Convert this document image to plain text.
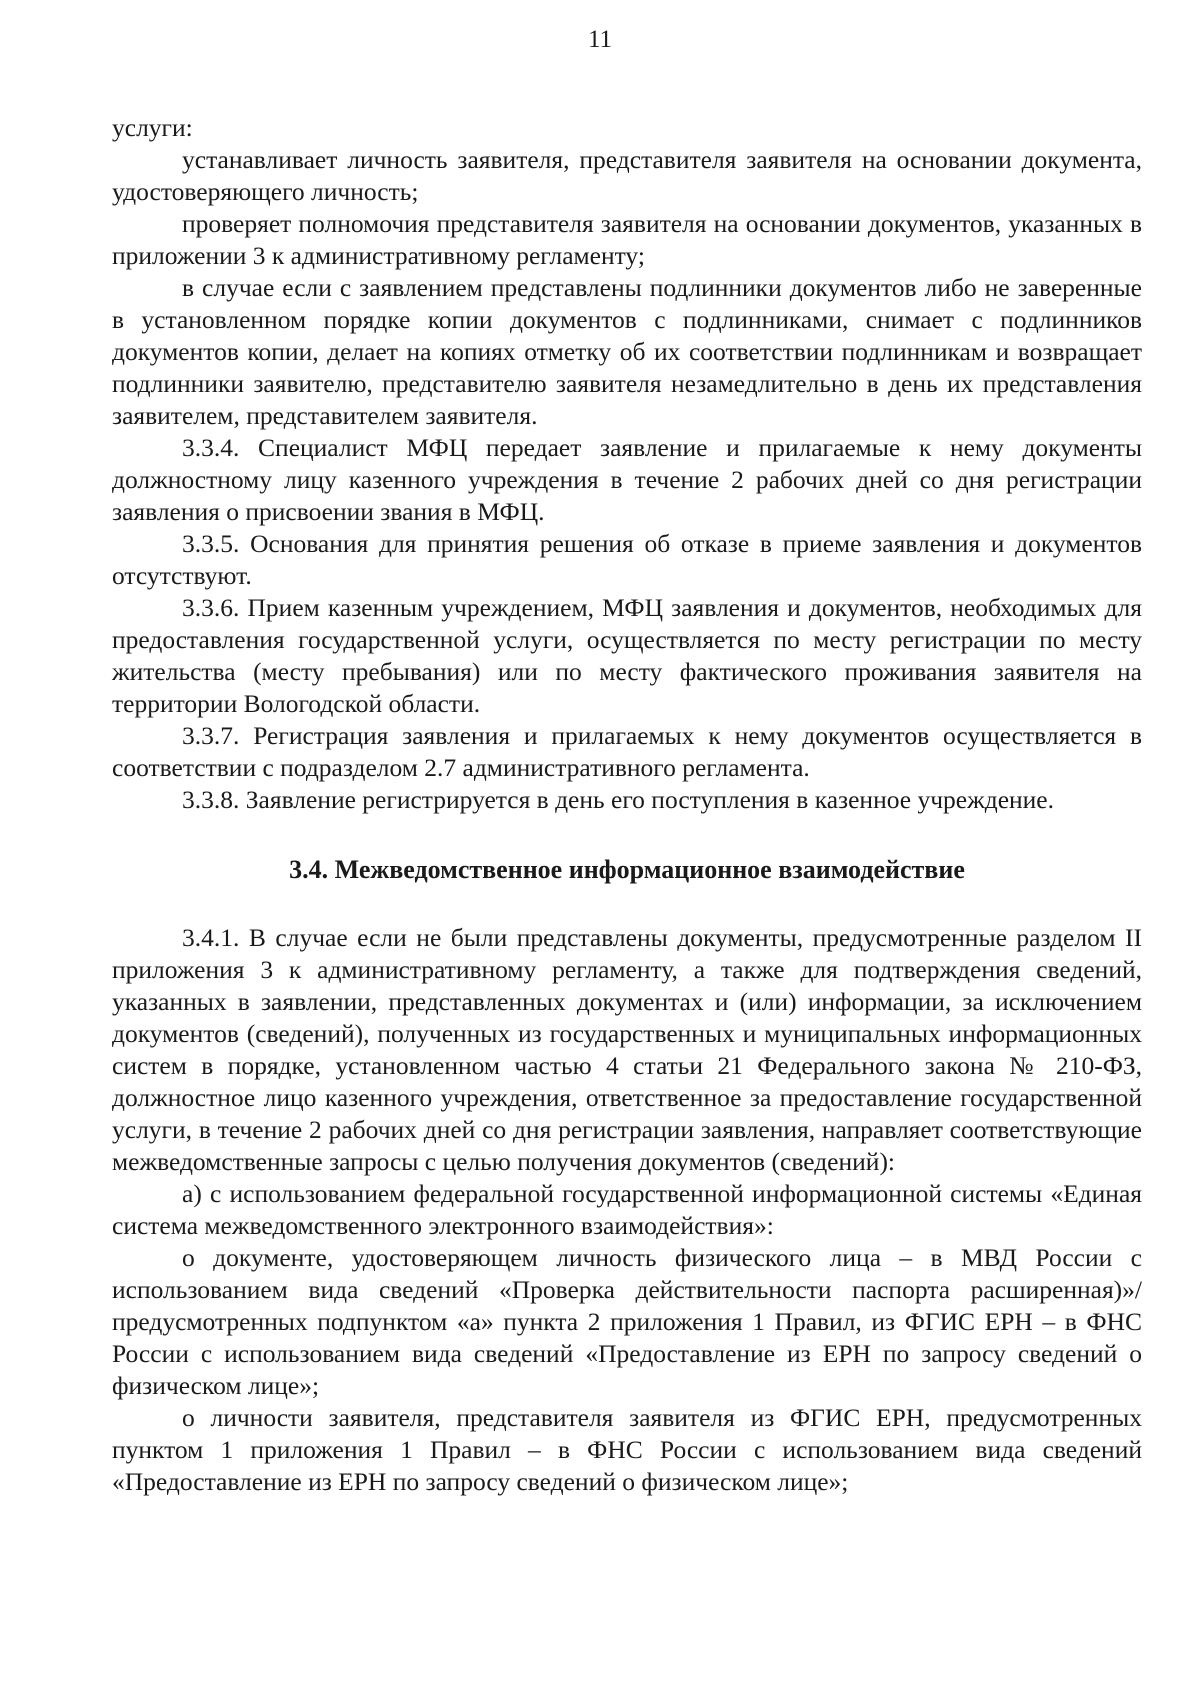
11

услуги:

устанавливает личность заявителя, представителя заявителя на основании документа, удостоверяющего личность;

проверяет полномочия представителя заявителя на основании документов, указанных в приложении 3 к административному регламенту;

в случае если с заявлением представлены подлинники документов либо не заверенные в установленном порядке копии документов с подлинниками, снимает с подлинников документов копии, делает на копиях отметку об их соответствии подлинникам и возвращает подлинники заявителю, представителю заявителя незамедлительно в день их представления заявителем, представителем заявителя.

3.3.4. Специалист МФЦ передает заявление и прилагаемые к нему документы должностному лицу казенного учреждения в течение 2 рабочих дней со дня регистрации заявления о присвоении звания в МФЦ.

3.3.5. Основания для принятия решения об отказе в приеме заявления и документов отсутствуют.

3.3.6. Прием казенным учреждением, МФЦ заявления и документов, необходимых для предоставления государственной услуги, осуществляется по месту регистрации по месту жительства (месту пребывания) или по месту фактического проживания заявителя на территории Вологодской области.

3.3.7. Регистрация заявления и прилагаемых к нему документов осуществляется в соответствии с подразделом 2.7 административного регламента.

3.3.8. Заявление регистрируется в день его поступления в казенное учреждение.

3.4. Межведомственное информационное взаимодействие

3.4.1. В случае если не были представлены документы, предусмотренные разделом II приложения 3 к административному регламенту, а также для подтверждения сведений, указанных в заявлении, представленных документах и (или) информации, за исключением документов (сведений), полученных из государственных и муниципальных информационных систем в порядке, установленном частью 4 статьи 21 Федерального закона № 210-ФЗ, должностное лицо казенного учреждения, ответственное за предоставление государственной услуги, в течение 2 рабочих дней со дня регистрации заявления, направляет соответствующие межведомственные запросы с целью получения документов (сведений):

а) с использованием федеральной государственной информационной системы «Единая система межведомственного электронного взаимодействия»:

о документе, удостоверяющем личность физического лица – в МВД России с использованием вида сведений «Проверка действительности паспорта расширенная)»/предусмотренных подпунктом «а» пункта 2 приложения 1 Правил, из ФГИС ЕРН – в ФНС России с использованием вида сведений «Предоставление из ЕРН по запросу сведений о физическом лице»;

о личности заявителя, представителя заявителя из ФГИС ЕРН, предусмотренных пунктом 1 приложения 1 Правил – в ФНС России с использованием вида сведений «Предоставление из ЕРН по запросу сведений о физическом лице»;
